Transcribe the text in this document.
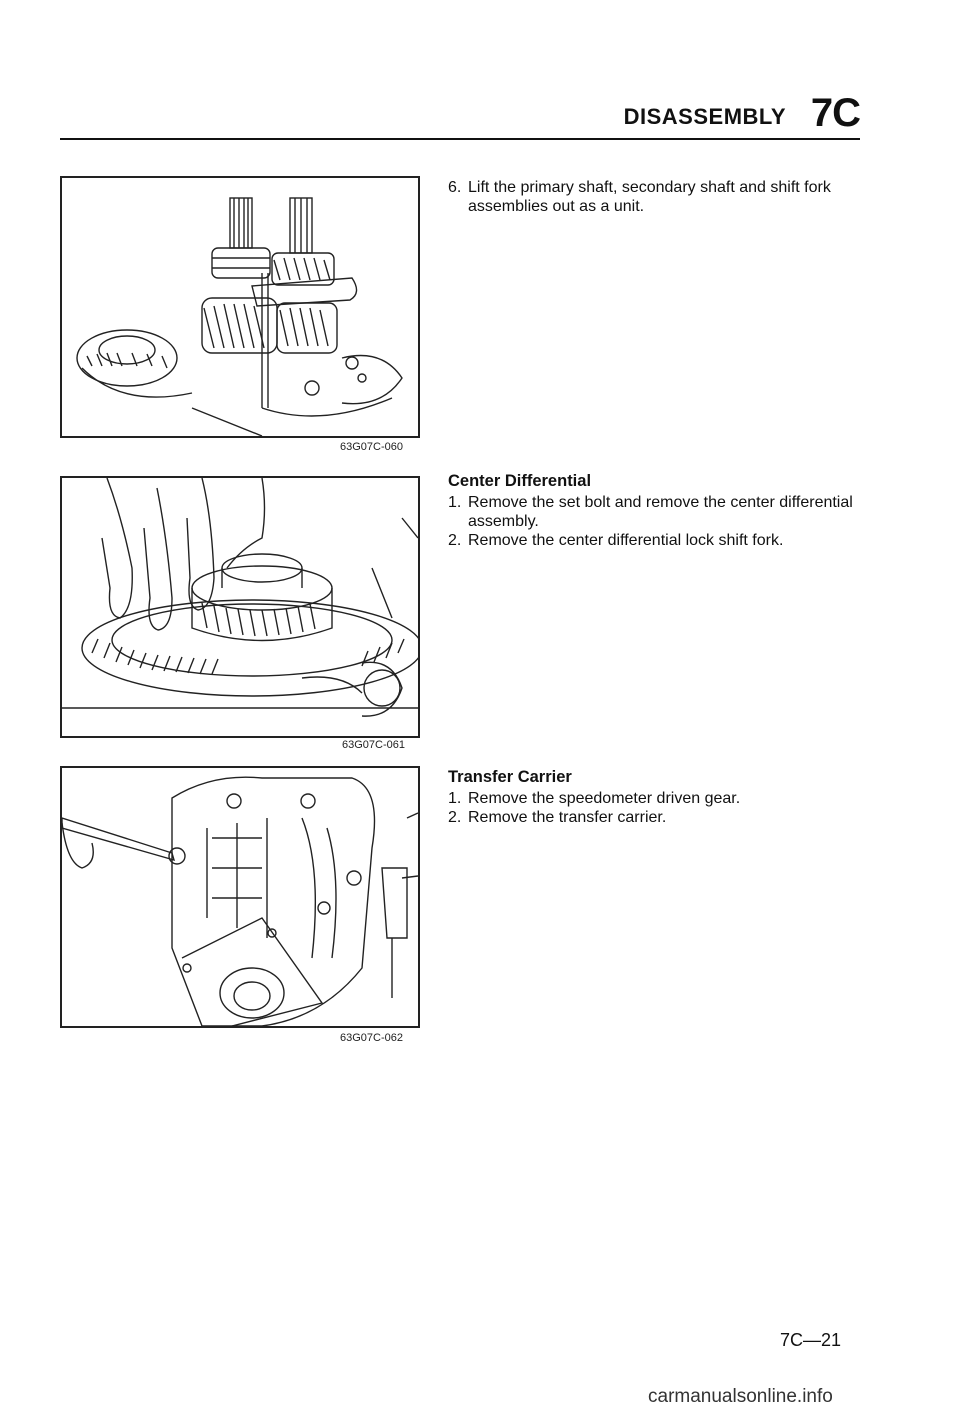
DISASSEMBLY 7C
63G07C-060
63G07C-061
63G07C-062

6. Lift the primary shaft, secondary shaft and shift fork assemblies out as a unit.

Center Differential

1. Remove the set bolt and remove the center differential assembly.

2. Remove the center differential lock shift fork.

Transfer Carrier

1. Remove the speedometer driven gear.

2. Remove the transfer carrier.

7C—21
carmanualsonline.info
